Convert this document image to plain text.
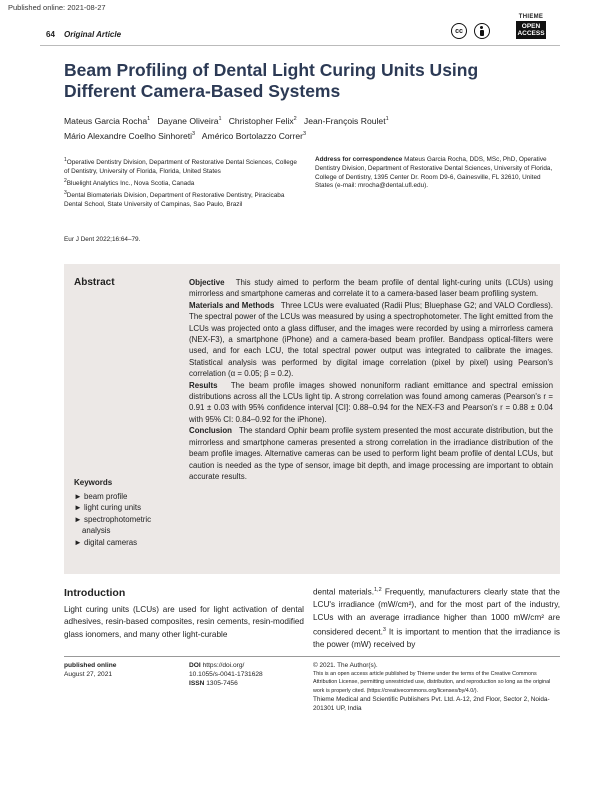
Published online: 2021-08-27
64 Original Article	cc
THIEME
OPEN
ACCESS
Beam Profiling of Dental Light Curing Units Using Different Camera-Based Systems
Mateus Garcia Rocha$^1$ Dayane Oliveira$^1$ Christopher Felix$^2$ Jean-François Roulet$^1$
Mário Alexandre Coelho Sinhoreti$^3$ Américo Bortolazzo Correr$^3$
$^1$Operative Dentistry Division, Department of Restorative Dental Sciences, College of Dentistry, University of Florida, Florida, United States
$^2$Bluelight Analytics Inc., Nova Scotia, Canada
$^3$Dental Biomaterials Division, Department of Restorative Dentistry, Piracicaba Dental School, State University of Campinas, Sao Paulo, Brazil
Address for correspondence Mateus Garcia Rocha, DDS, MSc, PhD, Operative Dentistry Division, Department of Restorative Dental Sciences, University of Florida, College of Dentistry, 1395 Center Dr. Room D9-6, Gainesville, FL 32610, United States (e-mail: mrocha@dental.ufl.edu).
Eur J Dent 2022;16:64–79.
Abstract	Objective This study aimed to perform the beam profile of dental light-curing units (LCUs) using mirrorless and smartphone cameras and correlate it to a camera-based laser beam profiling system.

Materials and Methods Three LCUs were evaluated (Radii Plus; Bluephase G2; and VALO Cordless). The spectral power of the LCUs was measured by using a spectrophotometer. The light emitted from the LCUs was projected onto a glass diffuser, and the images were recorded by using a mirrorless camera (NEX-F3), a smartphone (iPhone) and a camera-based beam profiler. Bandpass optical-filters were used, and for each LCU, the total spectral power output was integrated to calibrate the images. Statistical analysis was performed by digital image correlation (pixel by pixel) using Pearson's correlation (α = 0.05; β = 0.2).

Results The beam profile images showed nonuniform radiant emittance and spectral emission distributions across all the LCUs light tip. A strong correlation was found among cameras (Pearson's r = 0.91 ± 0.03 with 95% confidence interval [CI]: 0.88–0.94 for the NEX-F3 and Pearson's r = 0.88 ± 0.04 with 95% CI: 0.84–0.92 for the iPhone).

Conclusion The standard Ophir beam profile system presented the most accurate distribution, but the mirrorless and smartphone cameras presented a strong correlation in the irradiance distribution of the beam profile images. Alternative cameras can be used to perform light beam profile of dental LCUs, but caution is needed as the type of sensor, image bit depth, and image processing are important to obtain accurate results.

Keywords
► beam profile
► light curing units
► spectrophotometric
analysis
► digital cameras
Introduction
Light curing units (LCUs) are used for light activation of dental adhesives, resin-based composites, resin cements, resin-modified glass ionomers, and many other light-curable
dental materials.$^{1,2}$ Frequently, manufacturers clearly state that the LCU's irradiance (mW/cm²), and for the most part of the industry, LCUs with an average irradiance higher than 1000 mW/cm² are considered decent.$^3$ It is important to mention that the irradiance is the power (mW) received by
published online
August 27, 2021
DOI https://doi.org/
10.1055/s-0041-1731628
ISSN 1305-7456
© 2021. The Author(s).
This is an open access article published by Thieme under the terms of the Creative Commons Attribution License, permitting unrestricted use, distribution, and reproduction so long as the original work is properly cited. (https://creativecommons.org/licenses/by/4.0/).
Thieme Medical and Scientific Publishers Pvt. Ltd. A-12, 2nd Floor, Sector 2, Noida-201301 UP, India
